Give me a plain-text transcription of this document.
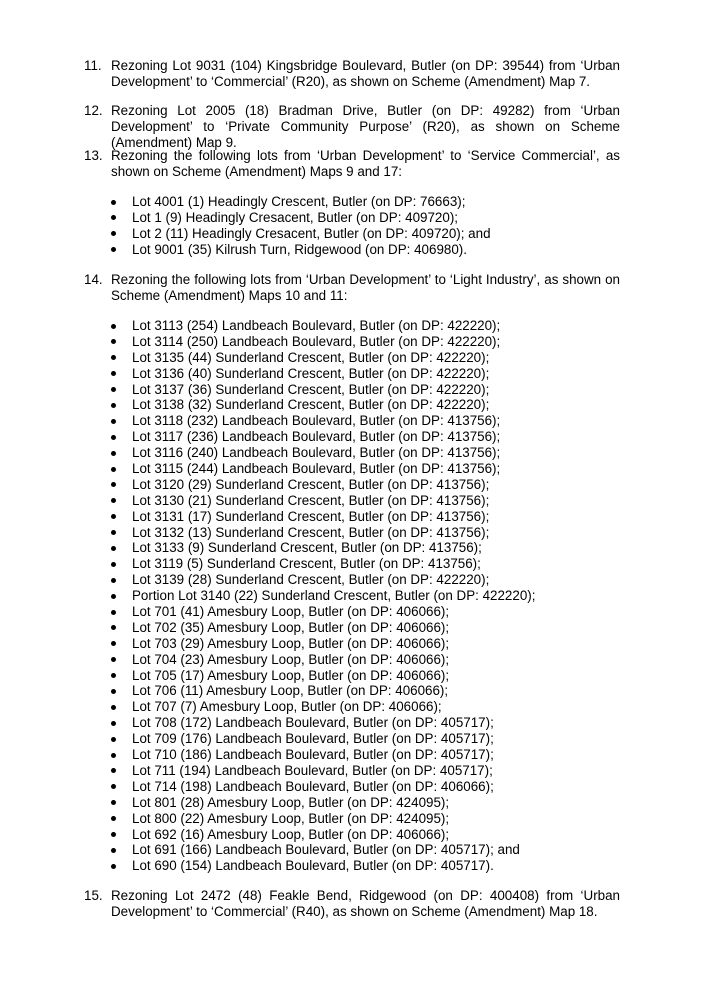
11. Rezoning Lot 9031 (104) Kingsbridge Boulevard, Butler (on DP: 39544) from ‘Urban Development’ to ‘Commercial’ (R20), as shown on Scheme (Amendment) Map 7.
12. Rezoning Lot 2005 (18) Bradman Drive, Butler (on DP: 49282) from ‘Urban Development’ to ‘Private Community Purpose’ (R20), as shown on Scheme (Amendment) Map 9.
13. Rezoning the following lots from ‘Urban Development’ to ‘Service Commercial’, as shown on Scheme (Amendment) Maps 9 and 17:
Lot 4001 (1) Headingly Crescent, Butler (on DP: 76663);
Lot 1 (9) Headingly Cresacent, Butler (on DP: 409720);
Lot 2 (11) Headingly Cresacent, Butler (on DP: 409720); and
Lot 9001 (35) Kilrush Turn, Ridgewood (on DP: 406980).
14. Rezoning the following lots from ‘Urban Development’ to ‘Light Industry’, as shown on Scheme (Amendment) Maps 10 and 11:
Lot 3113 (254) Landbeach Boulevard, Butler (on DP: 422220);
Lot 3114 (250) Landbeach Boulevard, Butler (on DP: 422220);
Lot 3135 (44) Sunderland Crescent, Butler (on DP: 422220);
Lot 3136 (40) Sunderland Crescent, Butler (on DP: 422220);
Lot 3137 (36) Sunderland Crescent, Butler (on DP: 422220);
Lot 3138 (32) Sunderland Crescent, Butler (on DP: 422220);
Lot 3118 (232) Landbeach Boulevard, Butler (on DP: 413756);
Lot 3117 (236) Landbeach Boulevard, Butler (on DP: 413756);
Lot 3116 (240) Landbeach Boulevard, Butler (on DP: 413756);
Lot 3115 (244) Landbeach Boulevard, Butler (on DP: 413756);
Lot 3120 (29) Sunderland Crescent, Butler (on DP: 413756);
Lot 3130 (21) Sunderland Crescent, Butler (on DP: 413756);
Lot 3131 (17) Sunderland Crescent, Butler (on DP: 413756);
Lot 3132 (13) Sunderland Crescent, Butler (on DP: 413756);
Lot 3133 (9) Sunderland Crescent, Butler (on DP: 413756);
Lot 3119 (5) Sunderland Crescent, Butler (on DP: 413756);
Lot 3139 (28) Sunderland Crescent, Butler (on DP: 422220);
Portion Lot 3140 (22) Sunderland Crescent, Butler (on DP: 422220);
Lot 701 (41) Amesbury Loop, Butler (on DP: 406066);
Lot 702 (35) Amesbury Loop, Butler (on DP: 406066);
Lot 703 (29) Amesbury Loop, Butler (on DP: 406066);
Lot 704 (23) Amesbury Loop, Butler (on DP: 406066);
Lot 705 (17) Amesbury Loop, Butler (on DP: 406066);
Lot 706 (11) Amesbury Loop, Butler (on DP: 406066);
Lot 707 (7) Amesbury Loop, Butler (on DP: 406066);
Lot 708 (172) Landbeach Boulevard, Butler (on DP: 405717);
Lot 709 (176) Landbeach Boulevard, Butler (on DP: 405717);
Lot 710 (186) Landbeach Boulevard, Butler (on DP: 405717);
Lot 711 (194) Landbeach Boulevard, Butler (on DP: 405717);
Lot 714 (198) Landbeach Boulevard, Butler (on DP: 406066);
Lot 801 (28) Amesbury Loop, Butler (on DP: 424095);
Lot 800 (22) Amesbury Loop, Butler (on DP: 424095);
Lot 692 (16) Amesbury Loop, Butler (on DP: 406066);
Lot 691 (166) Landbeach Boulevard, Butler (on DP: 405717); and
Lot 690 (154) Landbeach Boulevard, Butler (on DP: 405717).
15. Rezoning Lot 2472 (48) Feakle Bend, Ridgewood (on DP: 400408) from ‘Urban Development’ to ‘Commercial’ (R40), as shown on Scheme (Amendment) Map 18.
